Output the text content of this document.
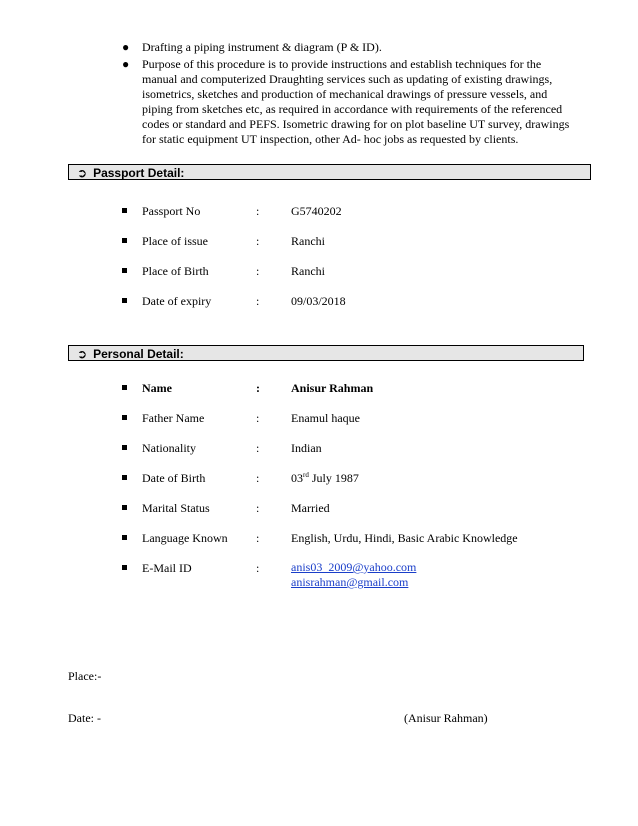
● Drafting a piping instrument & diagram (P & ID).
● Purpose of this procedure is to provide instructions and establish techniques for the manual and computerized Draughting services such as updating of existing drawings, isometrics, sketches and production of mechanical drawings of pressure vessels, and piping from sketches etc, as required in accordance with requirements of the referenced codes or standard and PEFS. Isometric drawing for on plot baseline UT survey, drawings for static equipment UT inspection, other Ad- hoc jobs as requested by clients.
➲ Passport Detail:
Passport No	:	G5740202
Place of issue	:	Ranchi
Place of Birth	:	Ranchi
Date of expiry	:	09/03/2018
➲ Personal Detail:
Name	:	Anisur Rahman
Father Name	:	Enamul haque
Nationality	:	Indian
Date of Birth	:	03rd July 1987
Marital Status	:	Married
Language Known :	English, Urdu, Hindi, Basic Arabic Knowledge
E-Mail ID	:	anis03_2009@yahoo.com
anisrahman@gmail.com
Place:-
Date: -	(Anisur Rahman)
